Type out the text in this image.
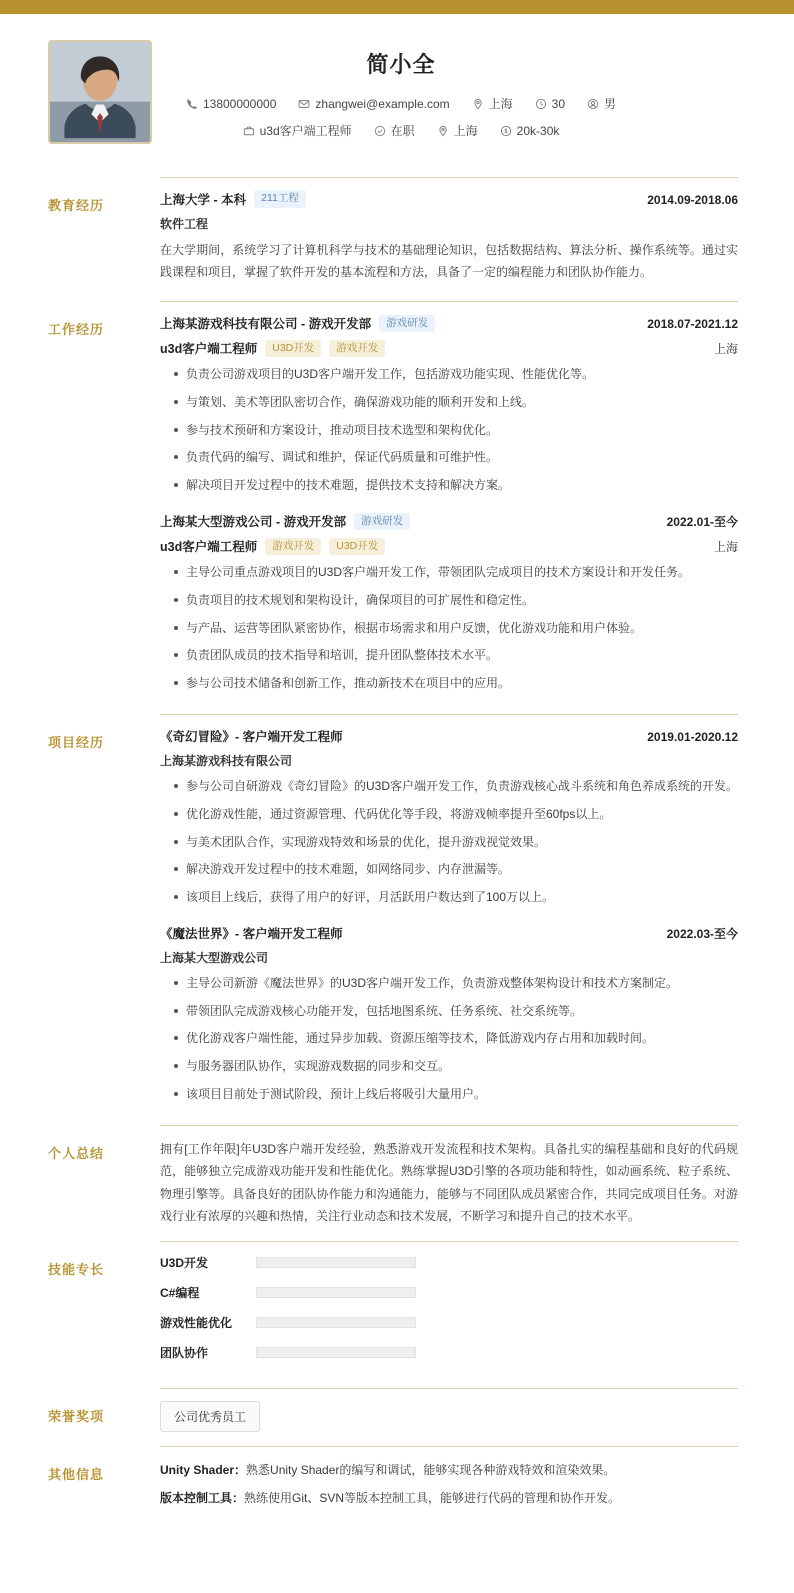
简小全
13800000000	zhangwei@example.com	上海	30	男
u3d客户端工程师	在职	上海	20k-30k
教育经历	上海大学 - 本科	211工程	2014.09-2018.06
软件工程
在大学期间，系统学习了计算机科学与技术的基础理论知识，包括数据结构、算法分析、操作系统等。通过实践课程和项目，掌握了软件开发的基本流程和方法，具备了一定的编程能力和团队协作能力。
工作经历	上海某游戏科技有限公司 - 游戏开发部	游戏研发	2018.07-2021.12
u3d客户端工程师	U3D开发	游戏开发	上海
负责公司游戏项目的U3D客户端开发工作，包括游戏功能实现、性能优化等。
与策划、美术等团队密切合作，确保游戏功能的顺利开发和上线。
参与技术预研和方案设计，推动项目技术选型和架构优化。
负责代码的编写、调试和维护，保证代码质量和可维护性。
解决项目开发过程中的技术难题，提供技术支持和解决方案。
上海某大型游戏公司 - 游戏开发部	游戏研发	2022.01-至今
u3d客户端工程师	游戏开发	U3D开发	上海
主导公司重点游戏项目的U3D客户端开发工作，带领团队完成项目的技术方案设计和开发任务。
负责项目的技术规划和架构设计，确保项目的可扩展性和稳定性。
与产品、运营等团队紧密协作，根据市场需求和用户反馈，优化游戏功能和用户体验。
负责团队成员的技术指导和培训，提升团队整体技术水平。
参与公司技术储备和创新工作，推动新技术在项目中的应用。
项目经历	《奇幻冒险》- 客户端开发工程师	2019.01-2020.12
上海某游戏科技有限公司
参与公司自研游戏《奇幻冒险》的U3D客户端开发工作，负责游戏核心战斗系统和角色养成系统的开发。
优化游戏性能，通过资源管理、代码优化等手段，将游戏帧率提升至60fps以上。
与美术团队合作，实现游戏特效和场景的优化，提升游戏视觉效果。
解决游戏开发过程中的技术难题，如网络同步、内存泄漏等。
该项目上线后，获得了用户的好评，月活跃用户数达到了100万以上。
《魔法世界》- 客户端开发工程师	2022.03-至今
上海某大型游戏公司
主导公司新游《魔法世界》的U3D客户端开发工作，负责游戏整体架构设计和技术方案制定。
带领团队完成游戏核心功能开发，包括地图系统、任务系统、社交系统等。
优化游戏客户端性能，通过异步加载、资源压缩等技术，降低游戏内存占用和加载时间。
与服务器团队协作，实现游戏数据的同步和交互。
该项目目前处于测试阶段，预计上线后将吸引大量用户。
个人总结	拥有[工作年限]年U3D客户端开发经验，熟悉游戏开发流程和技术架构。具备扎实的编程基础和良好的代码规范，能够独立完成游戏功能开发和性能优化。熟练掌握U3D引擎的各项功能和特性，如动画系统、粒子系统、物理引擎等。具备良好的团队协作能力和沟通能力，能够与不同团队成员紧密合作，共同完成项目任务。对游戏行业有浓厚的兴趣和热情，关注行业动态和技术发展，不断学习和提升自己的技术水平。
技能专长	U3D开发
C#编程
游戏性能优化
团队协作
荣誉奖项	公司优秀员工
其他信息	Unity Shader：熟悉Unity Shader的编写和调试，能够实现各种游戏特效和渲染效果。
版本控制工具：熟练使用Git、SVN等版本控制工具，能够进行代码的管理和协作开发。
